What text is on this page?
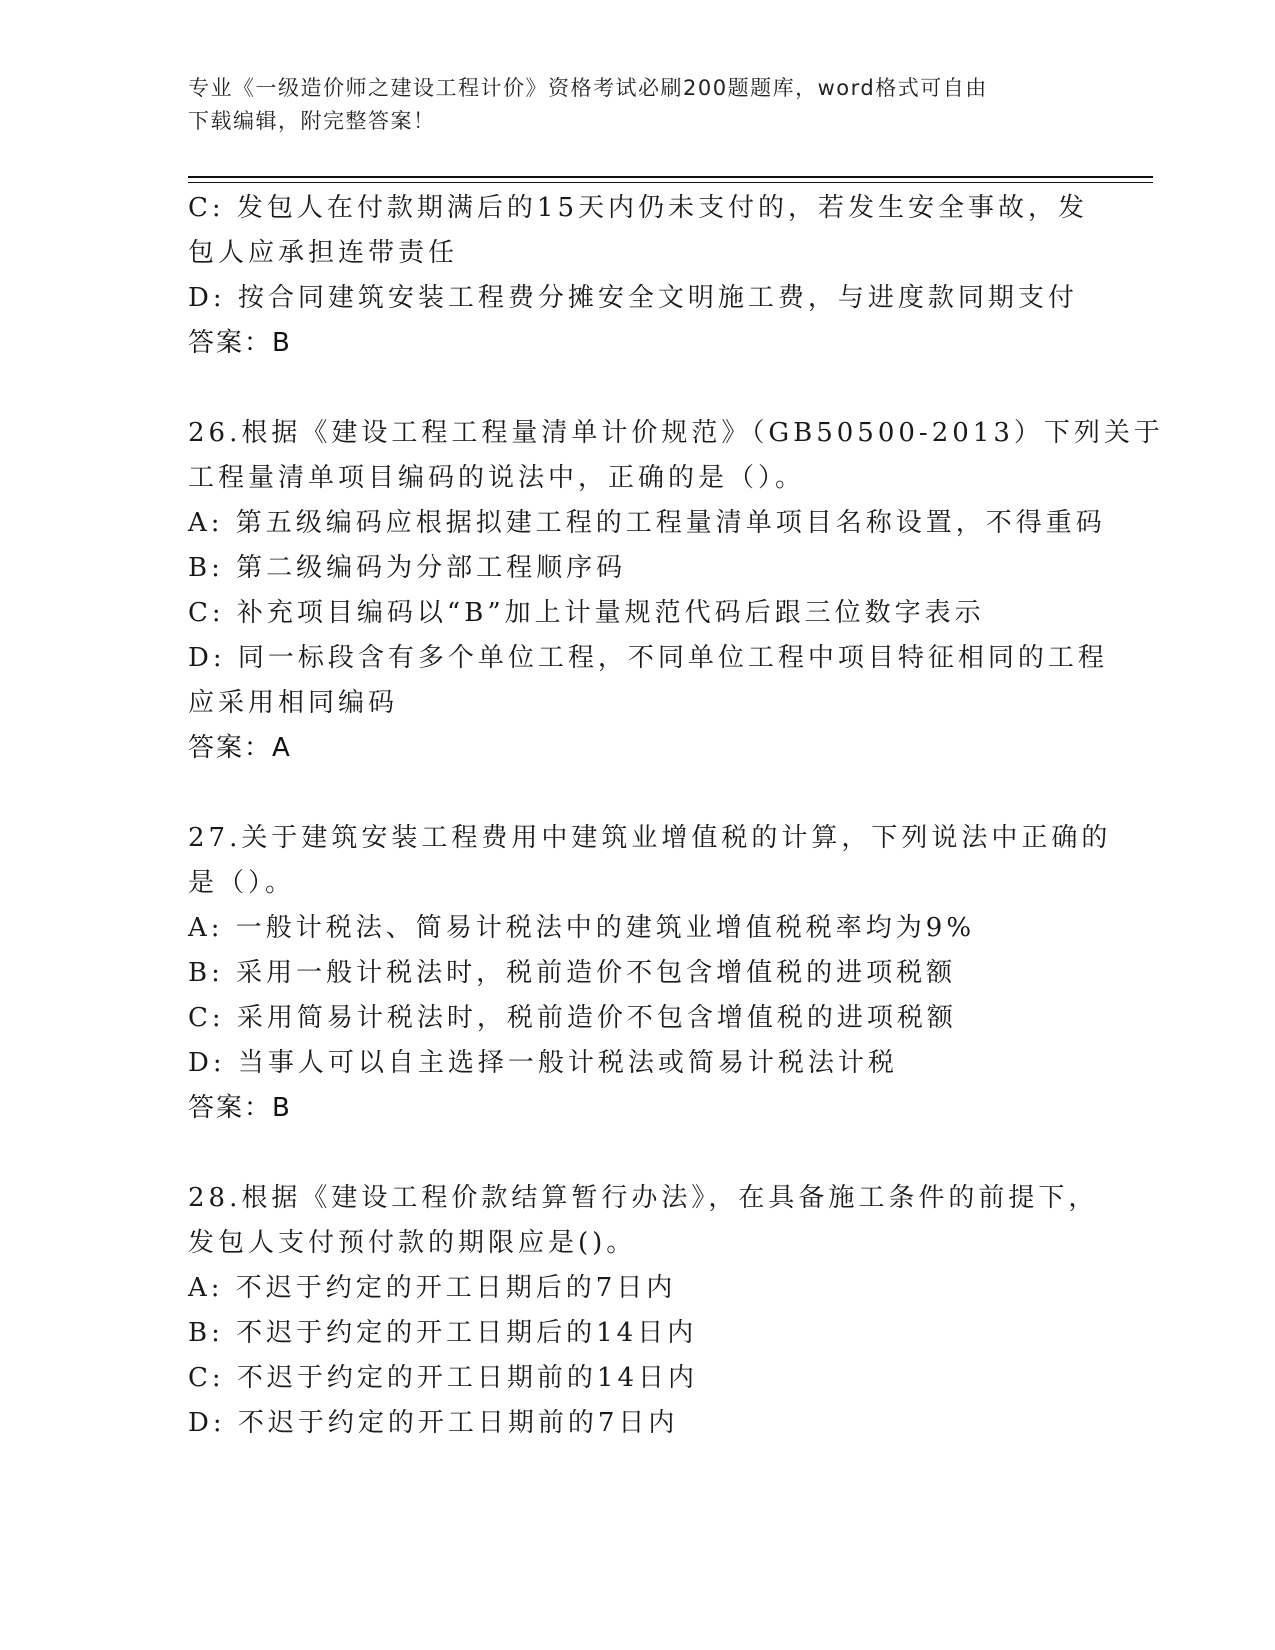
专业《一级造价师之建设工程计价》资格考试必刷200题题库，word格式可自由
下载编辑，附完整答案！
C: 发包人在付款期满后的15天内仍未支付的，若发生安全事故，发
包人应承担连带责任
D: 按合同建筑安装工程费分摊安全文明施工费，与进度款同期支付
答案：B
26.根据《建设工程工程量清单计价规范》（GB50500-2013）下列关于
工程量清单项目编码的说法中，正确的是（）。
A: 第五级编码应根据拟建工程的工程量清单项目名称设置，不得重码
B: 第二级编码为分部工程顺序码
C: 补充项目编码以“B”加上计量规范代码后跟三位数字表示
D: 同一标段含有多个单位工程，不同单位工程中项目特征相同的工程
应采用相同编码
答案：A
27.关于建筑安装工程费用中建筑业增值税的计算，下列说法中正确的
是（）。
A: 一般计税法、简易计税法中的建筑业增值税税率均为9%
B: 采用一般计税法时，税前造价不包含增值税的进项税额
C: 采用简易计税法时，税前造价不包含增值税的进项税额
D: 当事人可以自主选择一般计税法或简易计税法计税
答案：B
28.根据《建设工程价款结算暂行办法》，在具备施工条件的前提下，
发包人支付预付款的期限应是()。
A: 不迟于约定的开工日期后的7日内
B: 不迟于约定的开工日期后的14日内
C: 不迟于约定的开工日期前的14日内
D: 不迟于约定的开工日期前的7日内
